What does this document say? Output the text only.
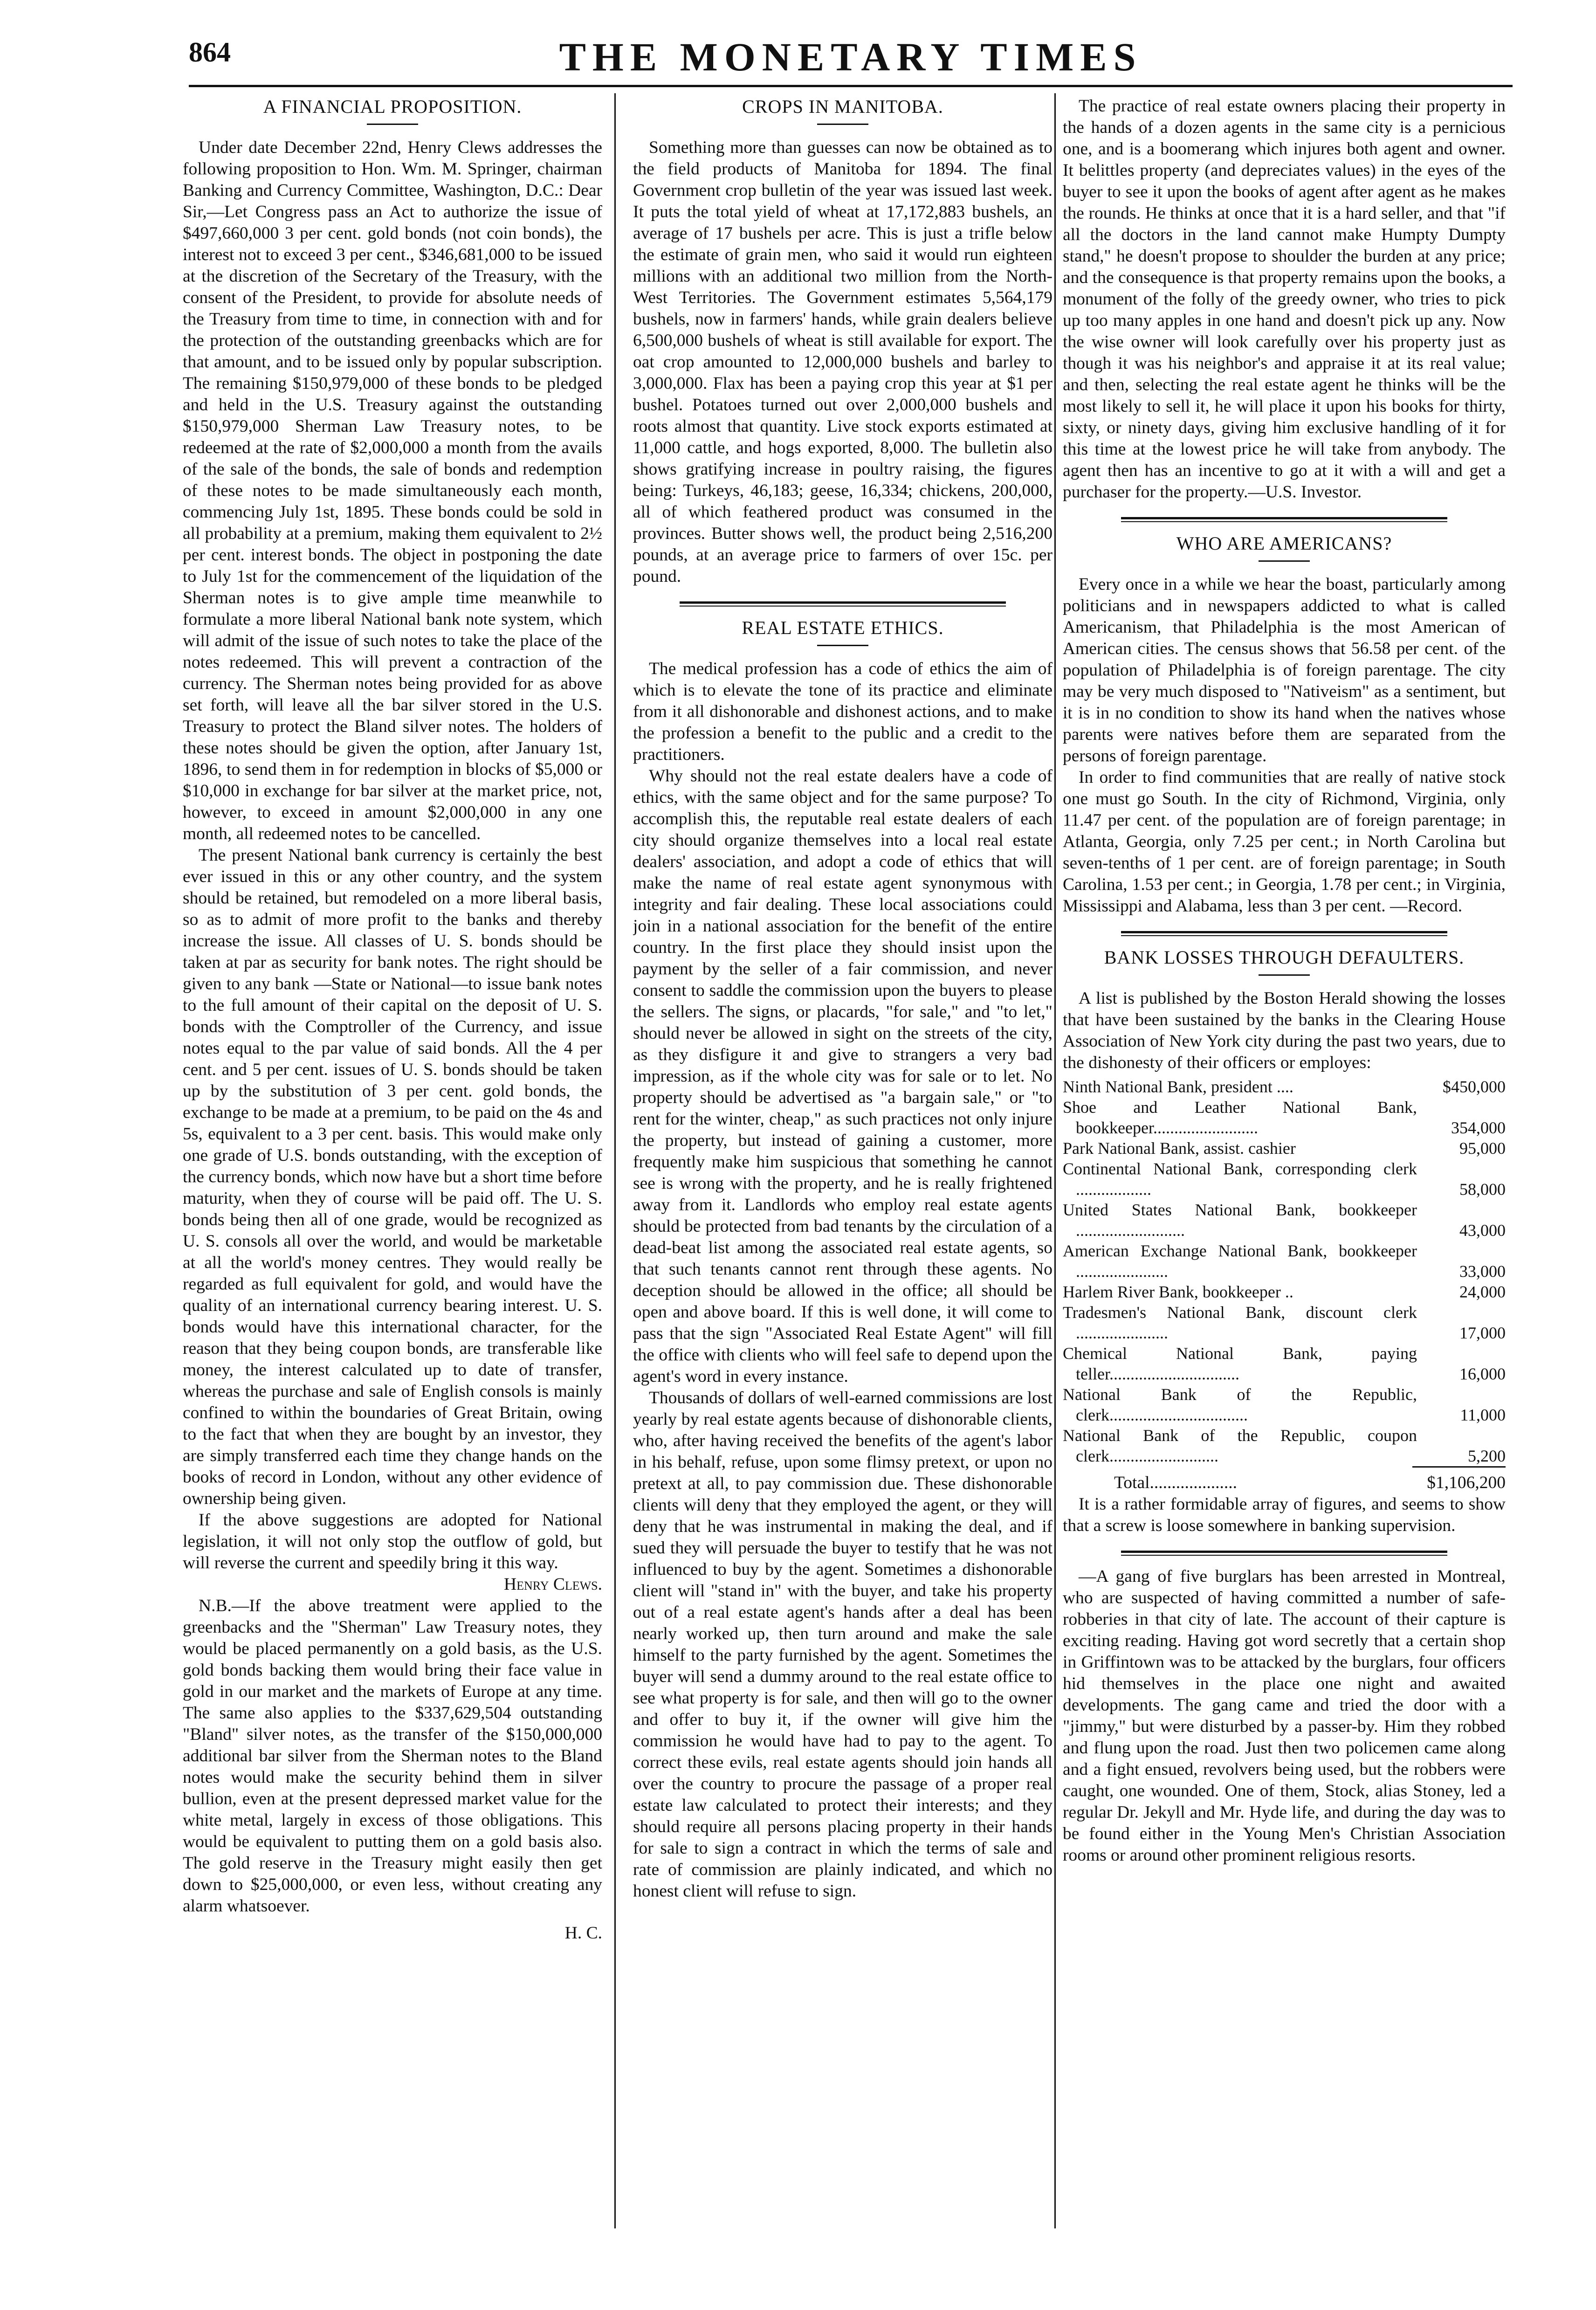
864	THE MONETARY TIMES
A FINANCIAL PROPOSITION.

Under date December 22nd, Henry Clews addresses the following proposition to Hon. Wm. M. Springer, chairman Banking and Currency Committee, Washington, D.C.: Dear Sir,—Let Congress pass an Act to authorize the issue of $497,660,000 3 per cent. gold bonds (not coin bonds), the interest not to exceed 3 per cent., $346,681,000 to be issued at the discretion of the Secretary of the Treasury, with the consent of the President, to provide for absolute needs of the Treasury from time to time, in connection with and for the protection of the outstanding greenbacks which are for that amount, and to be issued only by popular subscription. The remaining $150,979,000 of these bonds to be pledged and held in the U.S. Treasury against the outstanding $150,979,000 Sherman Law Treasury notes, to be redeemed at the rate of $2,000,000 a month from the avails of the sale of the bonds, the sale of bonds and redemption of these notes to be made simultaneously each month, commencing July 1st, 1895. These bonds could be sold in all probability at a premium, making them equivalent to 2½ per cent. interest bonds. The object in postponing the date to July 1st for the commencement of the liquidation of the Sherman notes is to give ample time meanwhile to formulate a more liberal National bank note system, which will admit of the issue of such notes to take the place of the notes redeemed. This will prevent a contraction of the currency. The Sherman notes being provided for as above set forth, will leave all the bar silver stored in the U.S. Treasury to protect the Bland silver notes. The holders of these notes should be given the option, after January 1st, 1896, to send them in for redemption in blocks of $5,000 or $10,000 in exchange for bar silver at the market price, not, however, to exceed in amount $2,000,000 in any one month, all redeemed notes to be cancelled.

The present National bank currency is certainly the best ever issued in this or any other country, and the system should be retained, but remodeled on a more liberal basis, so as to admit of more profit to the banks and thereby increase the issue. All classes of U. S. bonds should be taken at par as security for bank notes. The right should be given to any bank —State or National—to issue bank notes to the full amount of their capital on the deposit of U. S. bonds with the Comptroller of the Currency, and issue notes equal to the par value of said bonds. All the 4 per cent. and 5 per cent. issues of U. S. bonds should be taken up by the substitution of 3 per cent. gold bonds, the exchange to be made at a premium, to be paid on the 4s and 5s, equivalent to a 3 per cent. basis. This would make only one grade of U.S. bonds outstanding, with the exception of the currency bonds, which now have but a short time before maturity, when they of course will be paid off. The U. S. bonds being then all of one grade, would be recognized as U. S. consols all over the world, and would be marketable at all the world's money centres. They would really be regarded as full equivalent for gold, and would have the quality of an international currency bearing interest. U. S. bonds would have this international character, for the reason that they being coupon bonds, are transferable like money, the interest calculated up to date of transfer, whereas the purchase and sale of English consols is mainly confined to within the boundaries of Great Britain, owing to the fact that when they are bought by an investor, they are simply transferred each time they change hands on the books of record in London, without any other evidence of ownership being given.

If the above suggestions are adopted for National legislation, it will not only stop the outflow of gold, but will reverse the current and speedily bring it this way.

Henry Clews.

N.B.—If the above treatment were applied to the greenbacks and the "Sherman" Law Treasury notes, they would be placed permanently on a gold basis, as the U.S. gold bonds backing them would bring their face value in gold in our market and the markets of Europe at any time. The same also applies to the $337,629,504 outstanding "Bland" silver notes, as the transfer of the $150,000,000 additional bar silver from the Sherman notes to the Bland notes would make the security behind them in silver bullion, even at the present depressed market value for the white metal, largely in excess of those obligations. This would be equivalent to putting them on a gold basis also. The gold reserve in the Treasury might easily then get down to $25,000,000, or even less, without creating any alarm whatsoever.

H. C.
CROPS IN MANITOBA.

Something more than guesses can now be obtained as to the field products of Manitoba for 1894. The final Government crop bulletin of the year was issued last week. It puts the total yield of wheat at 17,172,883 bushels, an average of 17 bushels per acre. This is just a trifle below the estimate of grain men, who said it would run eighteen millions with an additional two million from the North-West Territories. The Government estimates 5,564,179 bushels, now in farmers' hands, while grain dealers believe 6,500,000 bushels of wheat is still available for export. The oat crop amounted to 12,000,000 bushels and barley to 3,000,000. Flax has been a paying crop this year at $1 per bushel. Potatoes turned out over 2,000,000 bushels and roots almost that quantity. Live stock exports estimated at 11,000 cattle, and hogs exported, 8,000. The bulletin also shows gratifying increase in poultry raising, the figures being: Turkeys, 46,183; geese, 16,334; chickens, 200,000, all of which feathered product was consumed in the provinces. Butter shows well, the product being 2,516,200 pounds, at an average price to farmers of over 15c. per pound.

REAL ESTATE ETHICS.

The medical profession has a code of ethics the aim of which is to elevate the tone of its practice and eliminate from it all dishonorable and dishonest actions, and to make the profession a benefit to the public and a credit to the practitioners.

Why should not the real estate dealers have a code of ethics, with the same object and for the same purpose? To accomplish this, the reputable real estate dealers of each city should organize themselves into a local real estate dealers' association, and adopt a code of ethics that will make the name of real estate agent synonymous with integrity and fair dealing. These local associations could join in a national association for the benefit of the entire country. In the first place they should insist upon the payment by the seller of a fair commission, and never consent to saddle the commission upon the buyers to please the sellers. The signs, or placards, "for sale," and "to let," should never be allowed in sight on the streets of the city, as they disfigure it and give to strangers a very bad impression, as if the whole city was for sale or to let. No property should be advertised as "a bargain sale," or "to rent for the winter, cheap," as such practices not only injure the property, but instead of gaining a customer, more frequently make him suspicious that something he cannot see is wrong with the property, and he is really frightened away from it. Landlords who employ real estate agents should be protected from bad tenants by the circulation of a dead-beat list among the associated real estate agents, so that such tenants cannot rent through these agents. No deception should be allowed in the office; all should be open and above board. If this is well done, it will come to pass that the sign "Associated Real Estate Agent" will fill the office with clients who will feel safe to depend upon the agent's word in every instance.

Thousands of dollars of well-earned commissions are lost yearly by real estate agents because of dishonorable clients, who, after having received the benefits of the agent's labor in his behalf, refuse, upon some flimsy pretext, or upon no pretext at all, to pay commission due. These dishonorable clients will deny that they employed the agent, or they will deny that he was instrumental in making the deal, and if sued they will persuade the buyer to testify that he was not influenced to buy by the agent. Sometimes a dishonorable client will "stand in" with the buyer, and take his property out of a real estate agent's hands after a deal has been nearly worked up, then turn around and make the sale himself to the party furnished by the agent. Sometimes the buyer will send a dummy around to the real estate office to see what property is for sale, and then will go to the owner and offer to buy it, if the owner will give him the commission he would have had to pay to the agent. To correct these evils, real estate agents should join hands all over the country to procure the passage of a proper real estate law calculated to protect their interests; and they should require all persons placing property in their hands for sale to sign a contract in which the terms of sale and rate of commission are plainly indicated, and which no honest client will refuse to sign.

The practice of real estate owners placing their property in the hands of a dozen agents in the same city is a pernicious one, and is a boomerang which injures both agent and owner. It belittles property (and depreciates values) in the eyes of the buyer to see it upon the books of agent after agent as he makes the rounds. He thinks at once that it is a hard seller, and that "if all the doctors in the land cannot make Humpty Dumpty stand," he doesn't propose to shoulder the burden at any price; and the consequence is that property remains upon the books, a monument of the folly of the greedy owner, who tries to pick up too many apples in one hand and doesn't pick up any. Now the wise owner will look carefully over his property just as though it was his neighbor's and appraise it at its real value; and then, selecting the real estate agent he thinks will be the most likely to sell it, he will place it upon his books for thirty, sixty, or ninety days, giving him exclusive handling of it for this time at the lowest price he will take from anybody. The agent then has an incentive to go at it with a will and get a purchaser for the property.—U.S. Investor.

WHO ARE AMERICANS?

Every once in a while we hear the boast, particularly among politicians and in newspapers addicted to what is called Americanism, that Philadelphia is the most American of American cities. The census shows that 56.58 per cent. of the population of Philadelphia is of foreign parentage. The city may be very much disposed to "Nativeism" as a sentiment, but it is in no condition to show its hand when the natives whose parents were natives before them are separated from the persons of foreign parentage.

In order to find communities that are really of native stock one must go South. In the city of Richmond, Virginia, only 11.47 per cent. of the population are of foreign parentage; in Atlanta, Georgia, only 7.25 per cent.; in North Carolina but seven-tenths of 1 per cent. are of foreign parentage; in South Carolina, 1.53 per cent.; in Georgia, 1.78 per cent.; in Virginia, Mississippi and Alabama, less than 3 per cent. —Record.

BANK LOSSES THROUGH DEFAULTERS.

A list is published by the Boston Herald showing the losses that have been sustained by the banks in the Clearing House Association of New York city during the past two years, due to the dishonesty of their officers or employes:

Ninth National Bank, president ....	$450,000
Shoe and Leather National Bank, bookkeeper.........................	354,000
Park National Bank, assist. cashier	95,000
Continental National Bank, corresponding clerk ..................	58,000
United States National Bank, bookkeeper ..........................	43,000
American Exchange National Bank, bookkeeper ......................	33,000
Harlem River Bank, bookkeeper ..	24,000
Tradesmen's National Bank, discount clerk ......................	17,000
Chemical National Bank, paying teller...............................	16,000
National Bank of the Republic, clerk.................................	11,000
National Bank of the Republic, coupon clerk..........................	5,200
Total....................	$1,106,200

It is a rather formidable array of figures, and seems to show that a screw is loose somewhere in banking supervision.

—A gang of five burglars has been arrested in Montreal, who are suspected of having committed a number of safe-robberies in that city of late. The account of their capture is exciting reading. Having got word secretly that a certain shop in Griffintown was to be attacked by the burglars, four officers hid themselves in the place one night and awaited developments. The gang came and tried the door with a "jimmy," but were disturbed by a passer-by. Him they robbed and flung upon the road. Just then two policemen came along and a fight ensued, revolvers being used, but the robbers were caught, one wounded. One of them, Stock, alias Stoney, led a regular Dr. Jekyll and Mr. Hyde life, and during the day was to be found either in the Young Men's Christian Association rooms or around other prominent religious resorts.
